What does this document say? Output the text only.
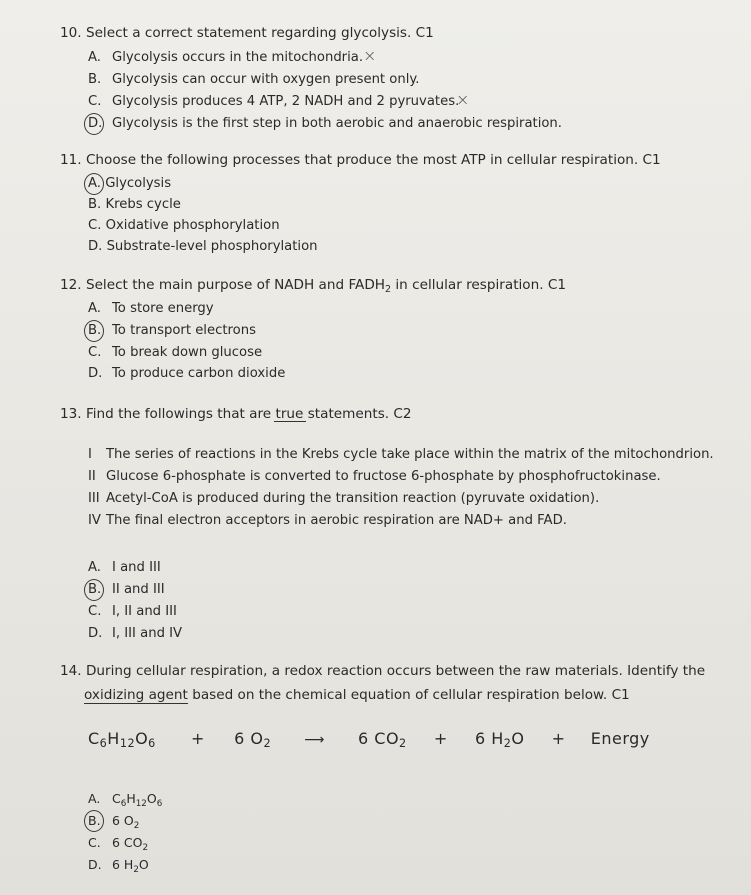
10. Select a correct statement regarding glycolysis. C1
A. Glycolysis occurs in the mitochondria. ×
B. Glycolysis can occur with oxygen present only.
C. Glycolysis produces 4 ATP, 2 NADH and 2 pyruvates.
×
D. Glycolysis is the first step in both aerobic and anaerobic respiration.
11. Choose the following processes that produce the most ATP in cellular respiration. C1
A. Glycolysis
B. Krebs cycle
C. Oxidative phosphorylation
D. Substrate-level phosphorylation
12. Select the main purpose of NADH and $FADH_2$ in cellular respiration. C1
A. To store energy
B. To transport electrons
C. To break down glucose
D. To produce carbon dioxide
13. Find the followings that are true statements. C2
I The series of reactions in the Krebs cycle take place within the matrix of the mitochondrion.
II Glucose 6-phosphate is converted to fructose 6-phosphate by phosphofructokinase.
III Acetyl-CoA is produced during the transition reaction (pyruvate oxidation).
IV The final electron acceptors in aerobic respiration are NAD+ and FAD.
A. I and III
B. II and III
C. I, II and III
D. I, III and IV
14. During cellular respiration, a redox reaction occurs between the raw materials. Identify the
oxidizing agent based on the chemical equation of cellular respiration below. C1
$C_6H_{12}O_6 + 6$ $O_2$ ⟶ 6 $CO_2 + 6$ $H_2O$ + Energy
A. $C_6H_{12}O_6$
B. 6 $O_2$
C. 6 $CO_2$
D. 6 $H_2O$
